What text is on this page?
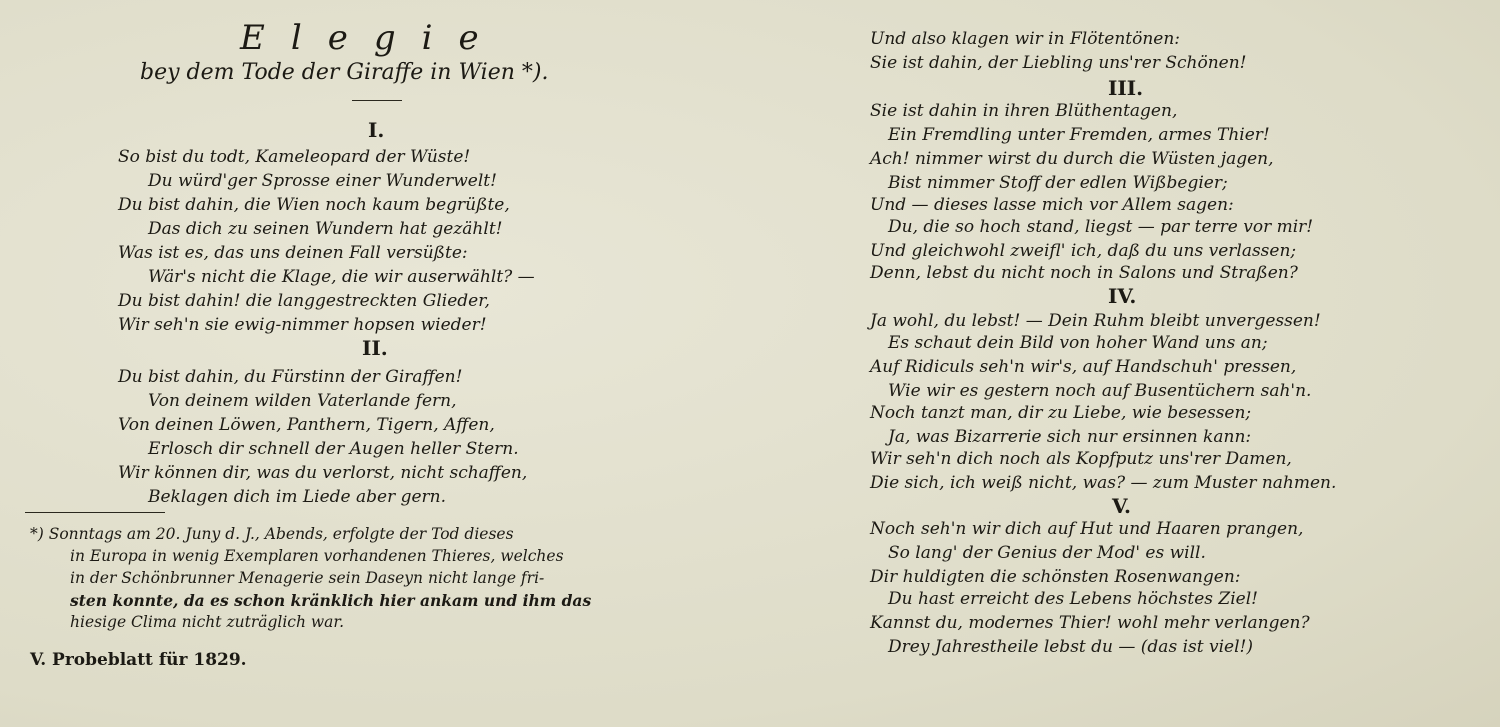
Elegie
bey dem Tode der Giraffe in Wien *).
I.
So bist du todt, Kameleopard der Wüste!
Du würd'ger Sprosse einer Wunderwelt!
Du bist dahin, die Wien noch kaum begrüßte,
Das dich zu seinen Wundern hat gezählt!
Was ist es, das uns deinen Fall versüßte:
Wär's nicht die Klage, die wir auserwählt? —
Du bist dahin! die langgestreckten Glieder,
Wir seh'n sie ewig-nimmer hopsen wieder!
II.
Du bist dahin, du Fürstinn der Giraffen!
Von deinem wilden Vaterlande fern,
Von deinen Löwen, Panthern, Tigern, Affen,
Erlosch dir schnell der Augen heller Stern.
Wir können dir, was du verlorst, nicht schaffen,
Beklagen dich im Liede aber gern.
*) Sonntags am 20. Juny d. J., Abends, erfolgte der Tod dieses
in Europa in wenig Exemplaren vorhandenen Thieres, welches
in der Schönbrunner Menagerie sein Daseyn nicht lange fri-
sten konnte, da es schon kränklich hier ankam und ihm das
hiesige Clima nicht zuträglich war.
V. Probeblatt für 1829.
Und also klagen wir in Flötentönen:
Sie ist dahin, der Liebling uns'rer Schönen!
III.
Sie ist dahin in ihren Blüthentagen,
Ein Fremdling unter Fremden, armes Thier!
Ach! nimmer wirst du durch die Wüsten jagen,
Bist nimmer Stoff der edlen Wißbegier;
Und — dieses lasse mich vor Allem sagen:
Du, die so hoch stand, liegst — par terre vor mir!
Und gleichwohl zweifl' ich, daß du uns verlassen;
Denn, lebst du nicht noch in Salons und Straßen?
IV.
Ja wohl, du lebst! — Dein Ruhm bleibt unvergessen!
Es schaut dein Bild von hoher Wand uns an;
Auf Ridiculs seh'n wir's, auf Handschuh' pressen,
Wie wir es gestern noch auf Busentüchern sah'n.
Noch tanzt man, dir zu Liebe, wie besessen;
Ja, was Bizarrerie sich nur ersinnen kann:
Wir seh'n dich noch als Kopfputz uns'rer Damen,
Die sich, ich weiß nicht, was? — zum Muster nahmen.
V.
Noch seh'n wir dich auf Hut und Haaren prangen,
So lang' der Genius der Mod' es will.
Dir huldigten die schönsten Rosenwangen:
Du hast erreicht des Lebens höchstes Ziel!
Kannst du, modernes Thier! wohl mehr verlangen?
Drey Jahrestheile lebst du — (das ist viel!)
